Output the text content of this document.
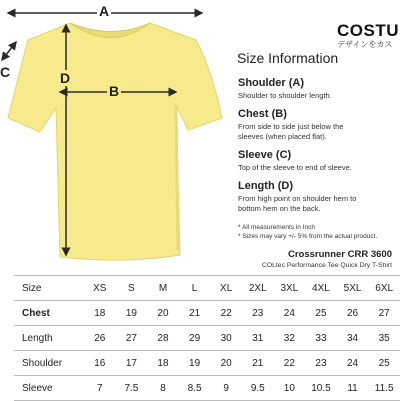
A
B
C	D
COSTU
デザインをカス
Size Information
Shoulder (A)

Shoulder to shoulder length.

Chest (B)

From side to side just below the sleeves (when placed flat).

Sleeve (C)

Top of the sleeve to end of sleeve.

Length (D)

From high point on shoulder hem to bottom hem on the back.

* All measurements in Inch
* Sizes may vary +/- 5% from the actual product.
Crossrunner CRR 3600
COLtec Performance Tee Quick Dry T-Shirt
Size	XS	S	M	L	XL	2XL	3XL	4XL	5XL	6XL
Chest	18	19	20	21	22	23	24	25	26	27
Length	26	27	28	29	30	31	32	33	34	35
Shoulder	16	17	18	19	20	21	22	23	24	25
Sleeve	7	7.5	8	8.5	9	9.5	10	10.5	11	11.5
